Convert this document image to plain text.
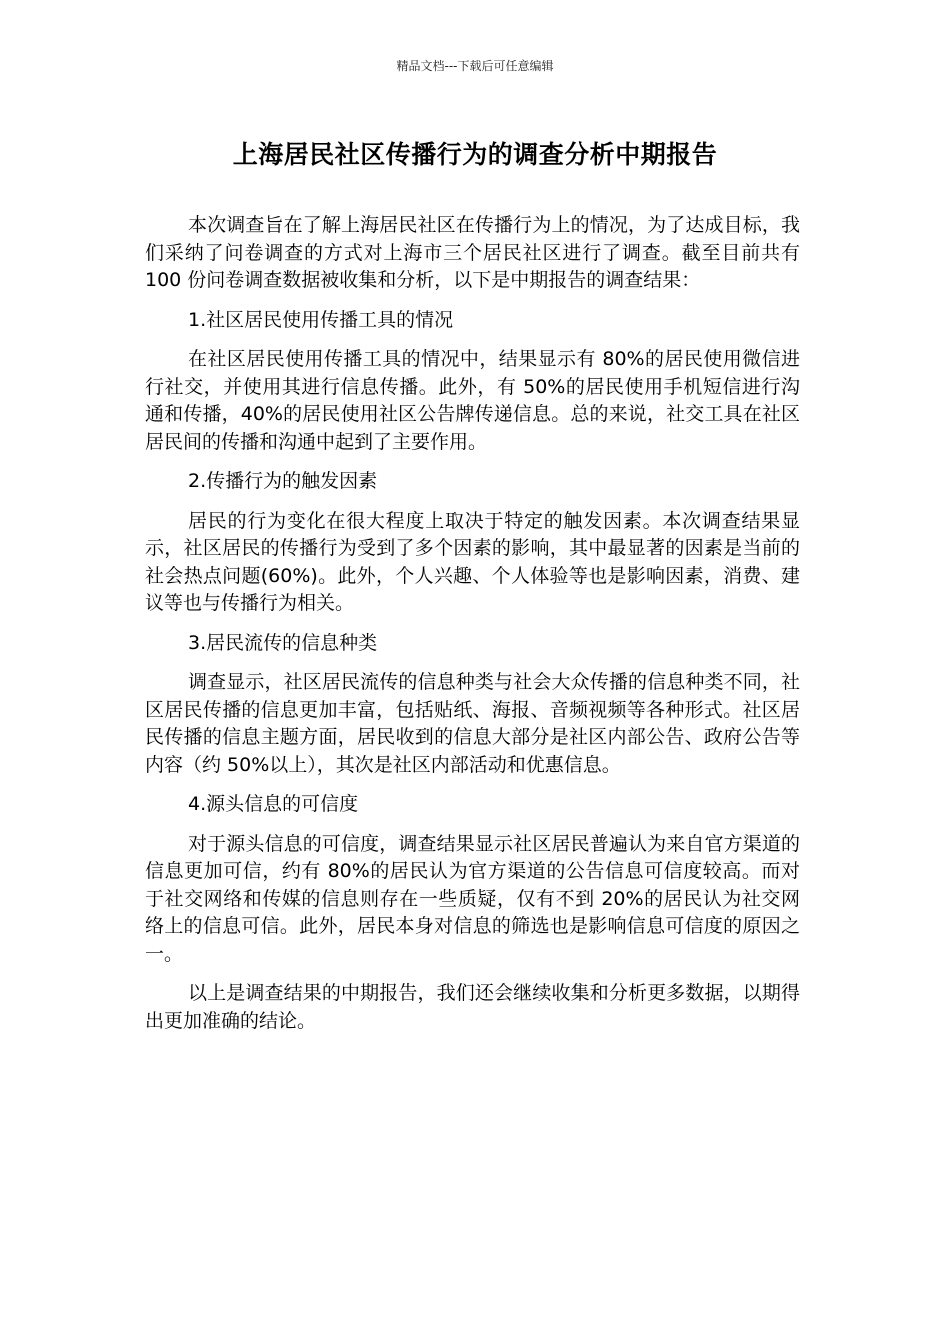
精品文档---下载后可任意编辑
上海居民社区传播行为的调查分析中期报告

本次调查旨在了解上海居民社区在传播行为上的情况，为了达成目标，我们采纳了问卷调查的方式对上海市三个居民社区进行了调查。截至目前共有 100 份问卷调查数据被收集和分析，以下是中期报告的调查结果：

1.社区居民使用传播工具的情况

在社区居民使用传播工具的情况中，结果显示有 80%的居民使用微信进行社交，并使用其进行信息传播。此外，有 50%的居民使用手机短信进行沟通和传播，40%的居民使用社区公告牌传递信息。总的来说，社交工具在社区居民间的传播和沟通中起到了主要作用。

2.传播行为的触发因素

居民的行为变化在很大程度上取决于特定的触发因素。本次调查结果显示，社区居民的传播行为受到了多个因素的影响，其中最显著的因素是当前的社会热点问题(60%)。此外，个人兴趣、个人体验等也是影响因素，消费、建议等也与传播行为相关。

3.居民流传的信息种类

调查显示，社区居民流传的信息种类与社会大众传播的信息种类不同，社区居民传播的信息更加丰富，包括贴纸、海报、音频视频等各种形式。社区居民传播的信息主题方面，居民收到的信息大部分是社区内部公告、政府公告等内容（约 50%以上），其次是社区内部活动和优惠信息。

4.源头信息的可信度

对于源头信息的可信度，调查结果显示社区居民普遍认为来自官方渠道的信息更加可信，约有 80%的居民认为官方渠道的公告信息可信度较高。而对于社交网络和传媒的信息则存在一些质疑，仅有不到 20%的居民认为社交网络上的信息可信。此外，居民本身对信息的筛选也是影响信息可信度的原因之一。

以上是调查结果的中期报告，我们还会继续收集和分析更多数据，以期得出更加准确的结论。
